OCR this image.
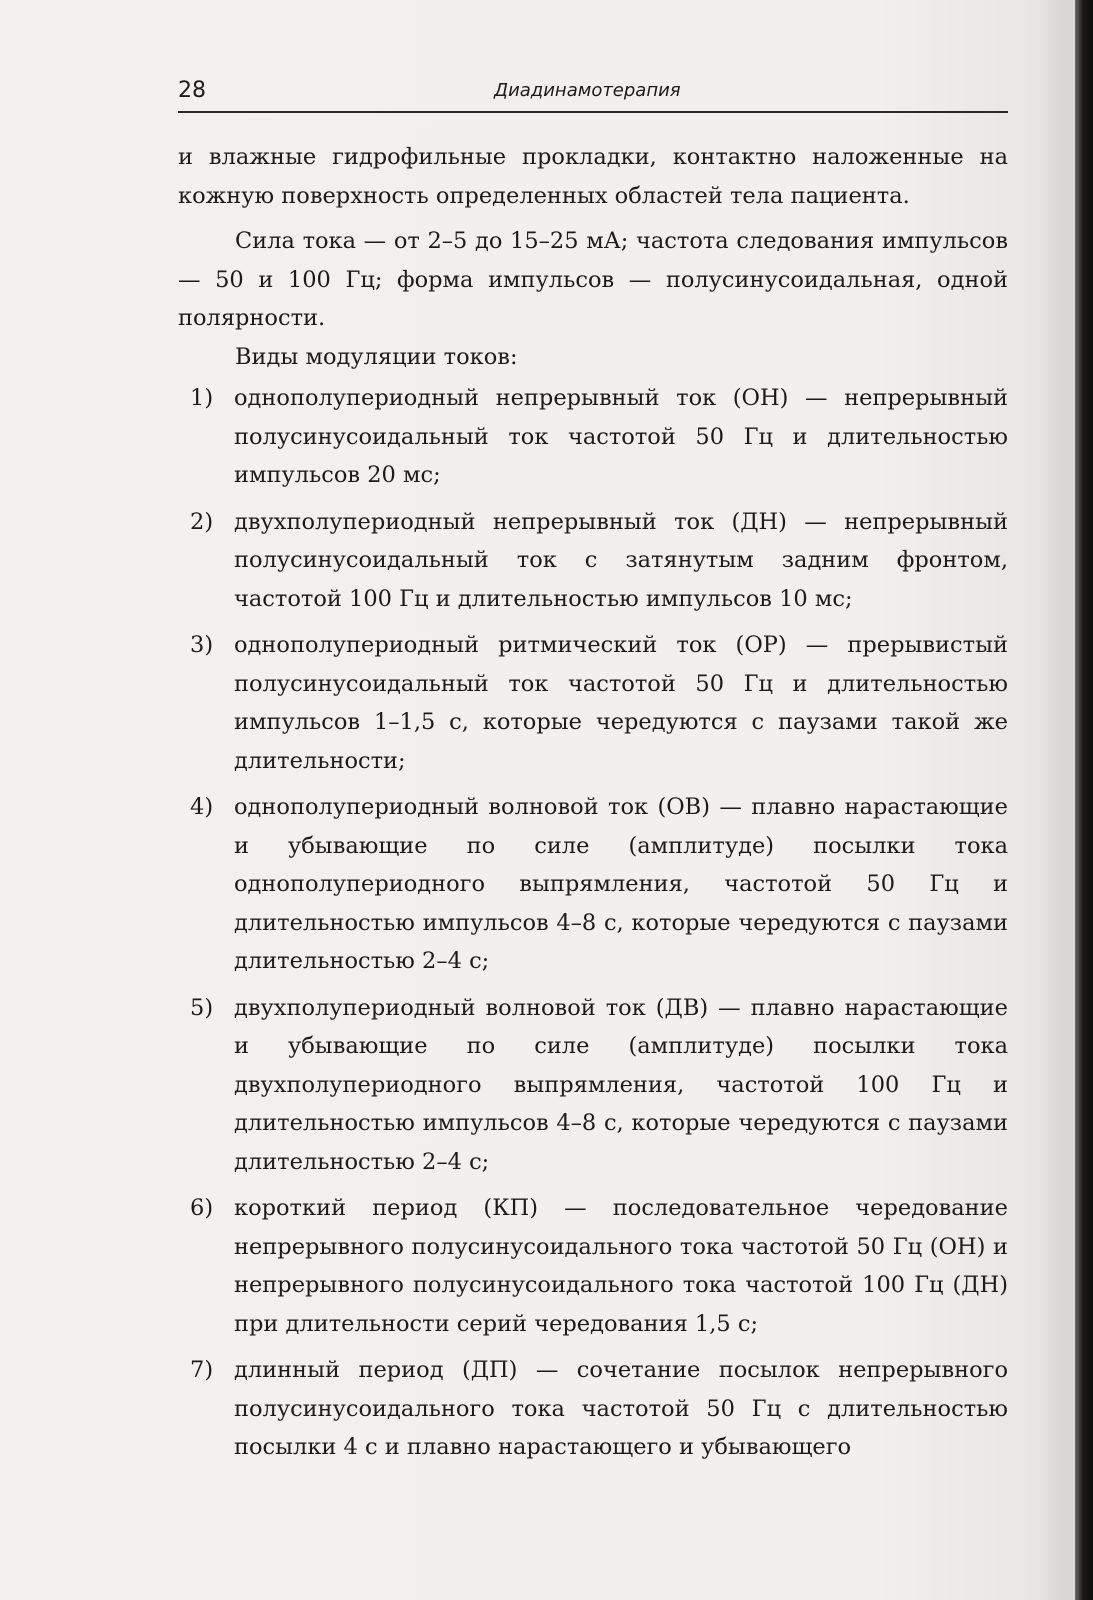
28	Диадинамотерапия

и влажные гидрофильные прокладки, контактно наложенные на кожную поверхность определенных областей тела пациента.

Сила тока — от 2–5 до 15–25 мА; частота следования импульсов — 50 и 100 Гц; форма импульсов — полусинусоидальная, одной полярности.

Виды модуляции токов:

1) однополупериодный непрерывный ток (ОН) — непрерывный полусинусоидальный ток частотой 50 Гц и длительностью импульсов 20 мс;
2) двухполупериодный непрерывный ток (ДН) — непрерывный полусинусоидальный ток с затянутым задним фронтом, частотой 100 Гц и длительностью импульсов 10 мс;
3) однополупериодный ритмический ток (ОР) — прерывистый полусинусоидальный ток частотой 50 Гц и длительностью импульсов 1–1,5 с, которые чередуются с паузами такой же длительности;
4) однополупериодный волновой ток (ОВ) — плавно нарастающие и убывающие по силе (амплитуде) посылки тока однополупериодного выпрямления, частотой 50 Гц и длительностью импульсов 4–8 с, которые чередуются с паузами длительностью 2–4 с;
5) двухполупериодный волновой ток (ДВ) — плавно нарастающие и убывающие по силе (амплитуде) посылки тока двухполупериодного выпрямления, частотой 100 Гц и длительностью импульсов 4–8 с, которые чередуются с паузами длительностью 2–4 с;
6) короткий период (КП) — последовательное чередование непрерывного полусинусоидального тока частотой 50 Гц (ОН) и непрерывного полусинусоидального тока частотой 100 Гц (ДН) при длительности серий чередования 1,5 с;
7) длинный период (ДП) — сочетание посылок непрерывного полусинусоидального тока частотой 50 Гц с длительностью посылки 4 с и плавно нарастающего и убывающего
